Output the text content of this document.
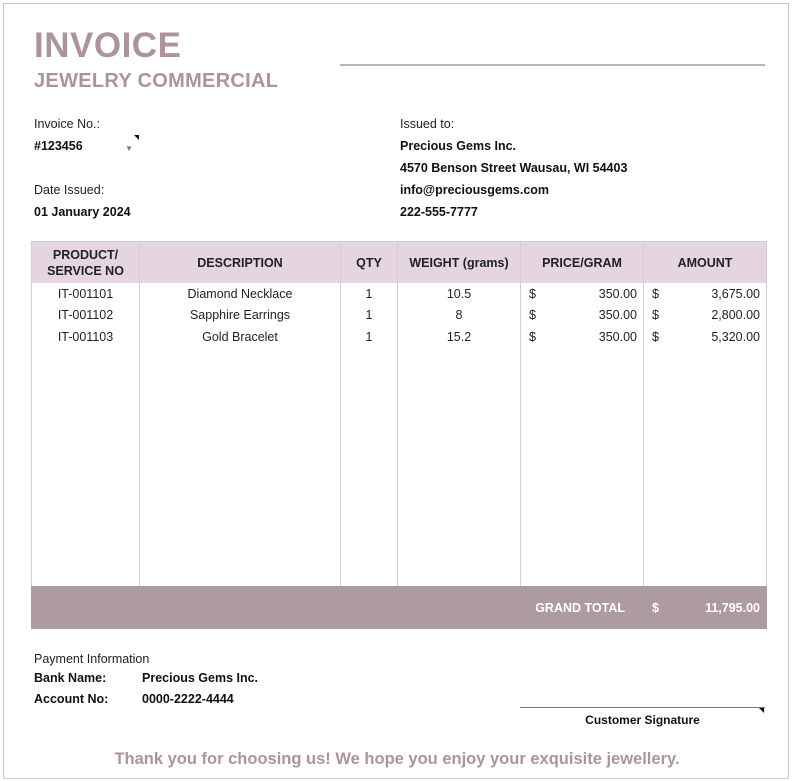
INVOICE
JEWELRY COMMERCIAL
Invoice No.:
#123456	▼
Date Issued:
01 January 2024
Issued to:
Precious Gems Inc.
4570 Benson Street Wausau, WI 54403
info@preciousgems.com
222-555-7777
PRODUCT/
SERVICE NO	DESCRIPTION	QTY	WEIGHT (grams)	PRICE/GRAM	AMOUNT
IT-001101	Diamond Necklace	1	10.5	$ 350.00	$ 3,675.00

IT-001102	Sapphire Earrings	1	8	$ 350.00	$ 2,800.00

IT-001103	Gold Bracelet	1	15.2	$ 350.00	$ 5,320.00

GRAND TOTAL					$ 11,795.00
Payment Information
Bank Name:	Precious Gems Inc.
Account No:	0000-2222-4444
Customer Signature
Thank you for choosing us! We hope you enjoy your exquisite jewellery.
